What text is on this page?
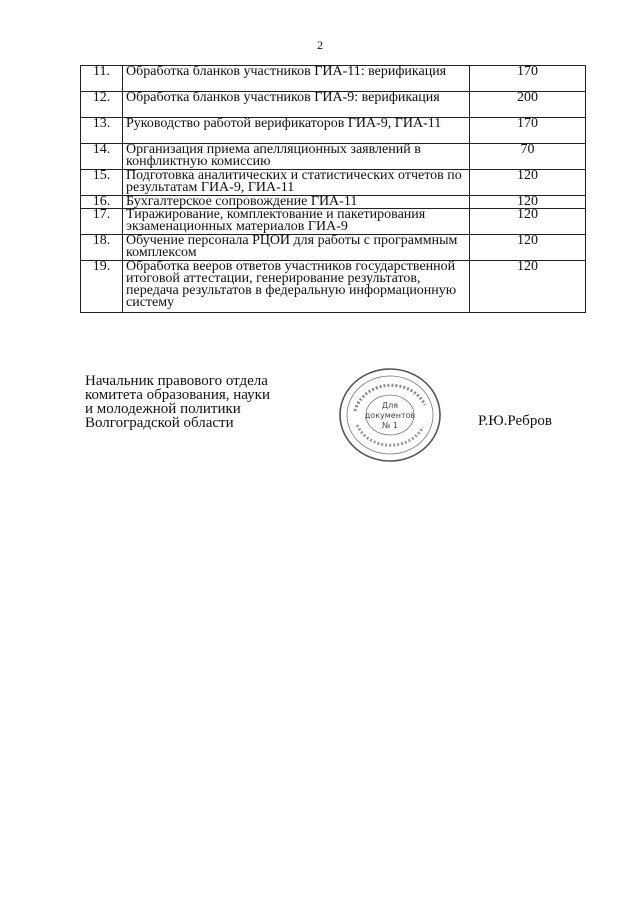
2
11.	Обработка бланков участников ГИА-11: верификация	170
12.	Обработка бланков участников ГИА-9: верификация	200
13.	Руководство работой верификаторов ГИА-9, ГИА-11	170
14.	Организация приема апелляционных заявлений в конфликтную комиссию	70
15.	Подготовка аналитических и статистических отчетов по результатам ГИА-9, ГИА-11	120
16.	Бухгалтерское сопровождение ГИА-11	120
17.	Тиражирование, комплектование и пакетирования экзаменационных материалов ГИА-9	120
18.	Обучение персонала РЦОИ для работы с программным комплексом	120
19.	Обработка вееров ответов участников государственной итоговой аттестации, генерирование результатов, передача результатов в федеральную информационную систему	120
Начальник правового отдела
комитета образования, науки
и молодежной политики
Волгоградской области
Для
документов
№ 1	Р.Ю.Ребров
